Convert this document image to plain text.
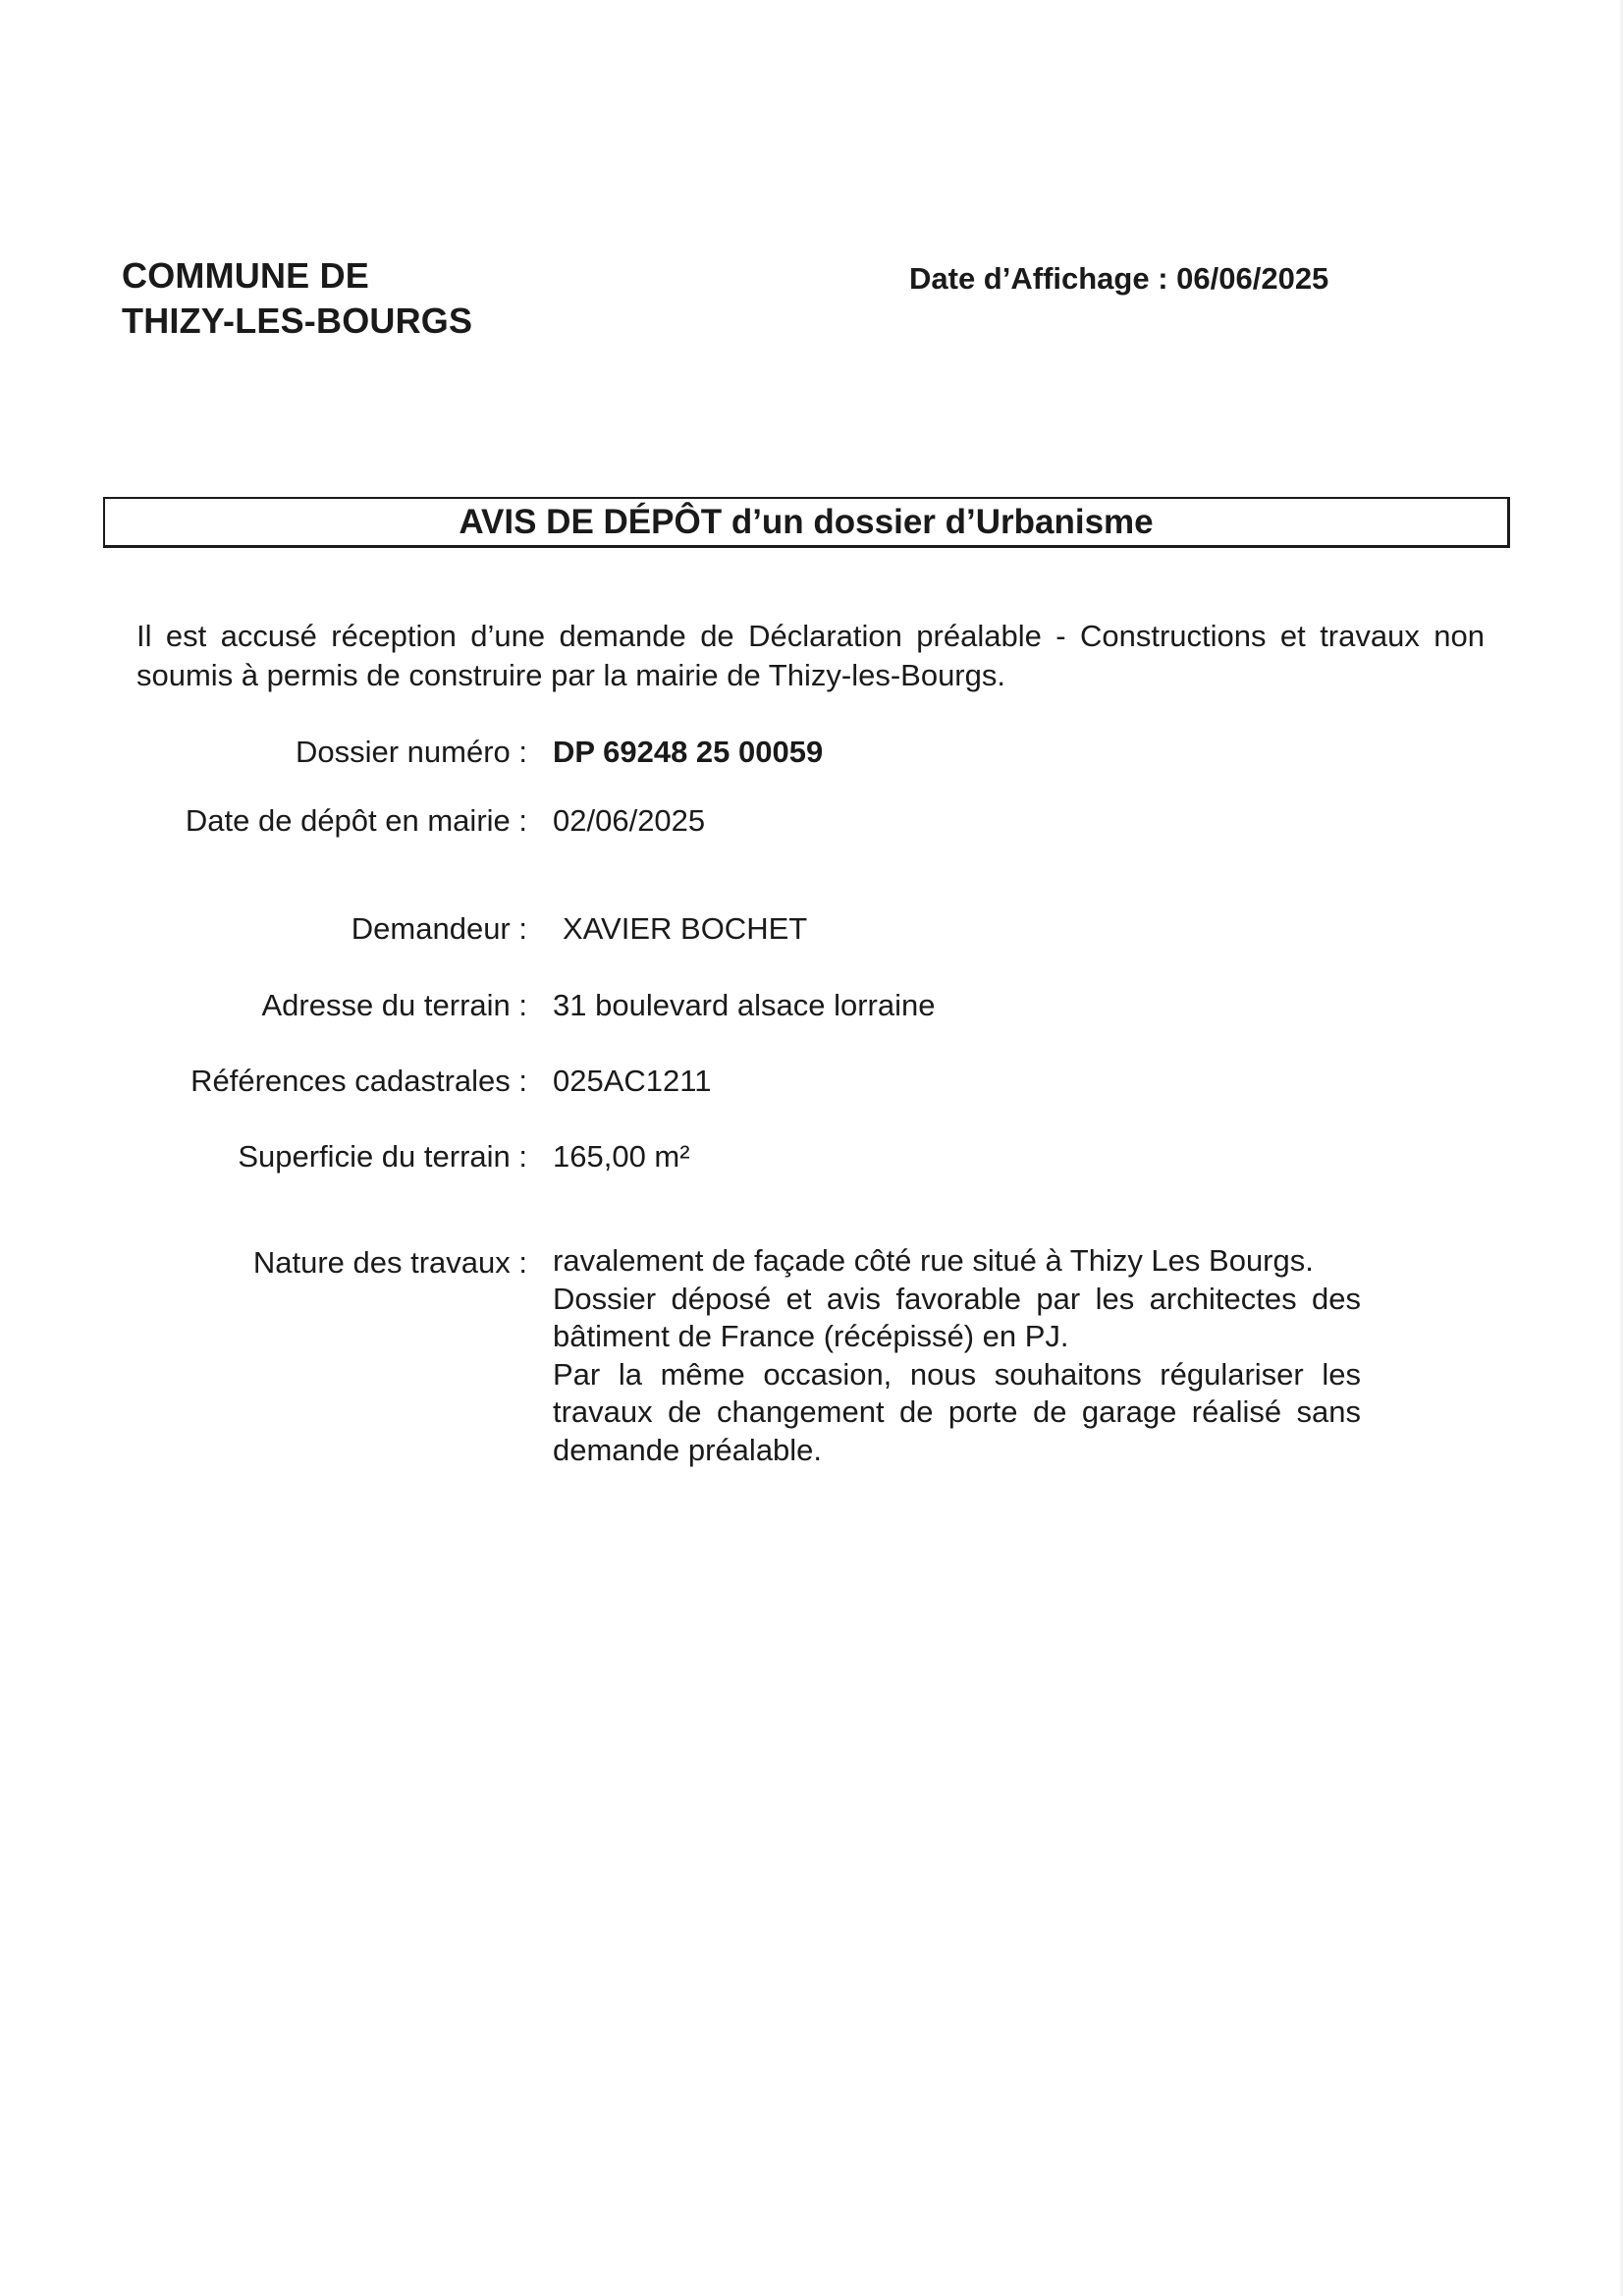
COMMUNE DE
THIZY-LES-BOURGS
Date d’Affichage : 06/06/2025
AVIS DE DÉPÔT d’un dossier d’Urbanisme
Il est accusé réception d’une demande de Déclaration préalable - Constructions et travaux non soumis à permis de construire par la mairie de Thizy-les-Bourgs.
Dossier numéro : DP 69248 25 00059
Date de dépôt en mairie : 02/06/2025
Demandeur : XAVIER BOCHET
Adresse du terrain : 31 boulevard alsace lorraine
Références cadastrales : 025AC1211
Superficie du terrain : 165,00 m²
Nature des travaux : ravalement de façade côté rue situé à Thizy Les Bourgs.
Dossier déposé et avis favorable par les architectes des bâtiment de France (récépissé) en PJ.
Par la même occasion, nous souhaitons régulariser les travaux de changement de porte de garage réalisé sans demande préalable.
